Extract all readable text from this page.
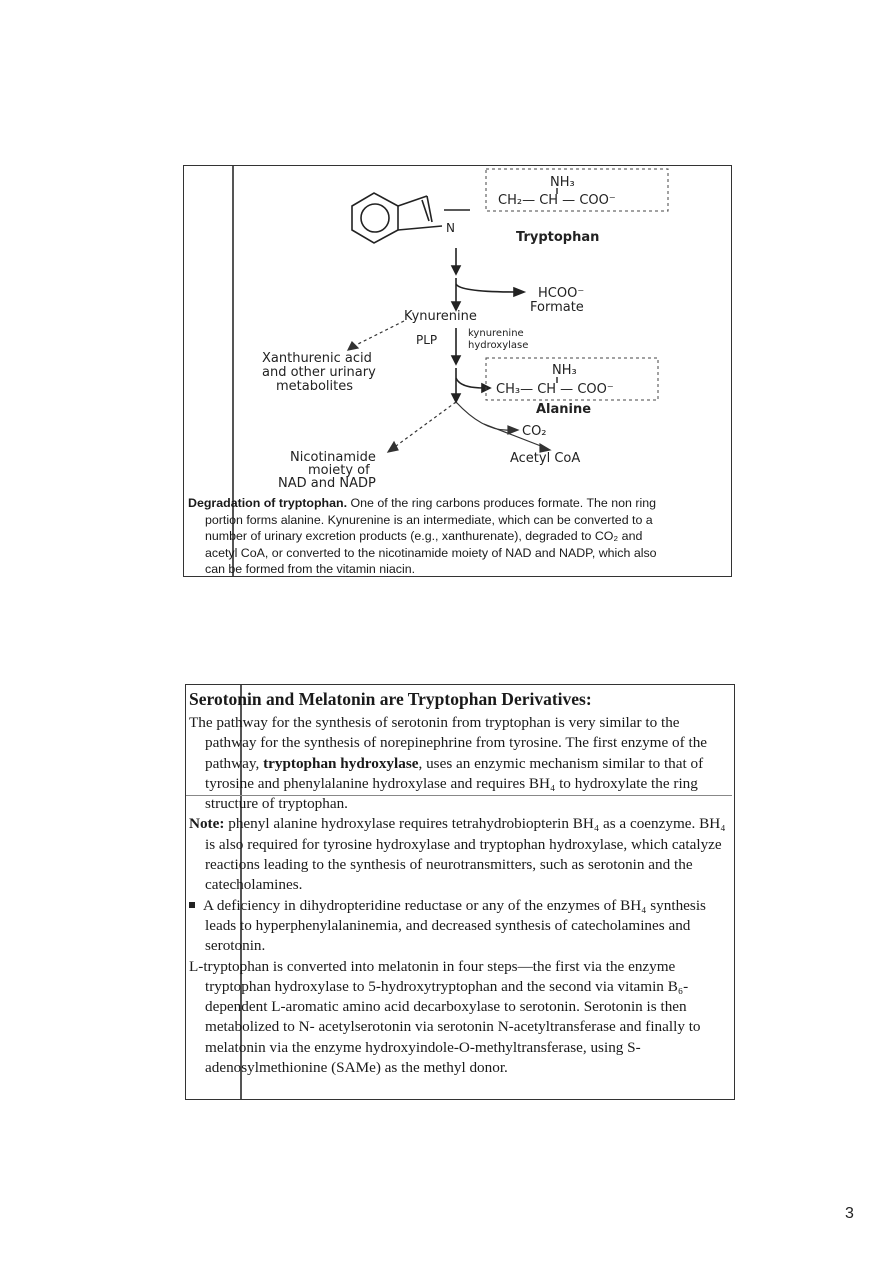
NH₃
CH₂— CH — COO⁻
N
Tryptophan
HCOO⁻
Formate
Kynurenine
PLP	kynurenine
hydroxylase
Xanthurenic acid
and other urinary
metabolites
NH₃
CH₃— CH — COO⁻
Alanine
CO₂
Nicotinamide
moiety of
NAD and NADP
Acetyl CoA

Degradation of tryptophan. One of the ring carbons produces formate. The non ring

portion forms alanine. Kynurenine is an intermediate, which can be converted to a

number of urinary excretion products (e.g., xanthurenate), degraded to CO₂ and

acetyl CoA, or converted to the nicotinamide moiety of NAD and NADP, which also

can be formed from the vitamin niacin.

Serotonin and Melatonin are Tryptophan Derivatives:

The pathway for the synthesis of serotonin from tryptophan is very similar to the pathway for the synthesis of norepinephrine from tyrosine. The first enzyme of the pathway, tryptophan hydroxylase, uses an enzymic mechanism similar to that of tyrosine and phenylalanine hydroxylase and requires BH₄ to hydroxylate the ring structure of tryptophan.

Note: phenyl alanine hydroxylase requires tetrahydrobiopterin BH₄ as a coenzyme. BH₄ is also required for tyrosine hydroxylase and tryptophan hydroxylase, which catalyze reactions leading to the synthesis of neurotransmitters, such as serotonin and the catecholamines.

A deficiency in dihydropteridine reductase or any of the enzymes of BH₄ synthesis leads to hyperphenylalaninemia, and decreased synthesis of catecholamines and serotonin.

L-tryptophan is converted into melatonin in four steps—the first via the enzyme tryptophan hydroxylase to 5-hydroxytryptophan and the second via vitamin B₆-dependent L-aromatic amino acid decarboxylase to serotonin. Serotonin is then metabolized to N- acetylserotonin via serotonin N-acetyltransferase and finally to melatonin via the enzyme hydroxyindole-O-methyltransferase, using S-adenosylmethionine (SAMe) as the methyl donor.

3
